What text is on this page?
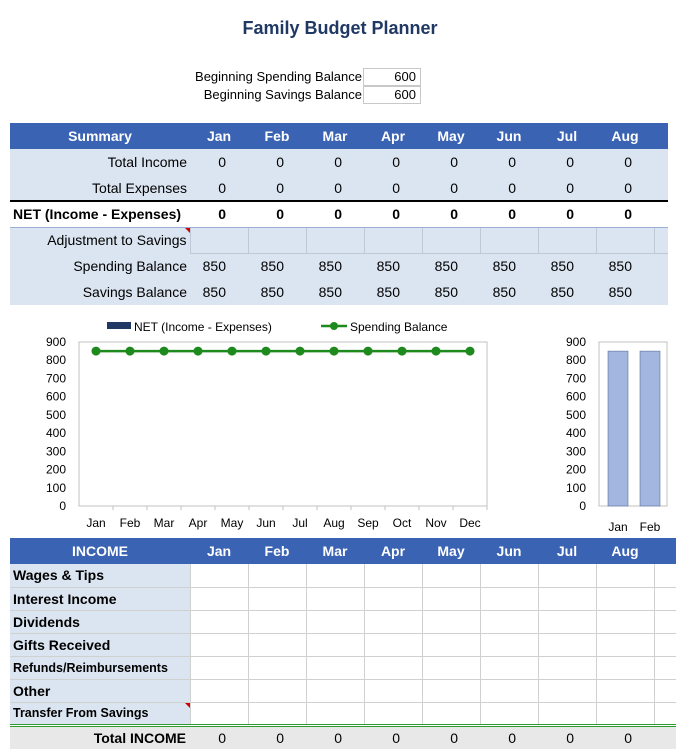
Family Budget Planner
Beginning Spending Balance	600
Beginning Savings Balance	600
Summary	Jan	Feb	Mar	Apr	May	Jun	Jul	Aug	
Total Income	0	0	0	0	0	0	0	0	
Total Expenses	0	0	0	0	0	0	0	0	
NET (Income - Expenses)	0	0	0	0	0	0	0	0	
Adjustment to Savings									
Spending Balance	850	850	850	850	850	850	850	850	
Savings Balance	850	850	850	850	850	850	850	850	
0
100
200
300
400
500
600
700
800
900
Jan Feb Mar Apr May Jun Jul Aug Sep Oct Nov Dec
NET (Income - Expenses)	Spending Balance
0
100
200
300
400
500
600
700
800
900
Jan Feb
INCOME	Jan	Feb	Mar	Apr	May	Jun	Jul	Aug	
Wages & Tips									
Interest Income									
Dividends									
Gifts Received									
Refunds/Reimbursements									
Other									
Transfer From Savings									
Total INCOME	0	0	0	0	0	0	0	0	
